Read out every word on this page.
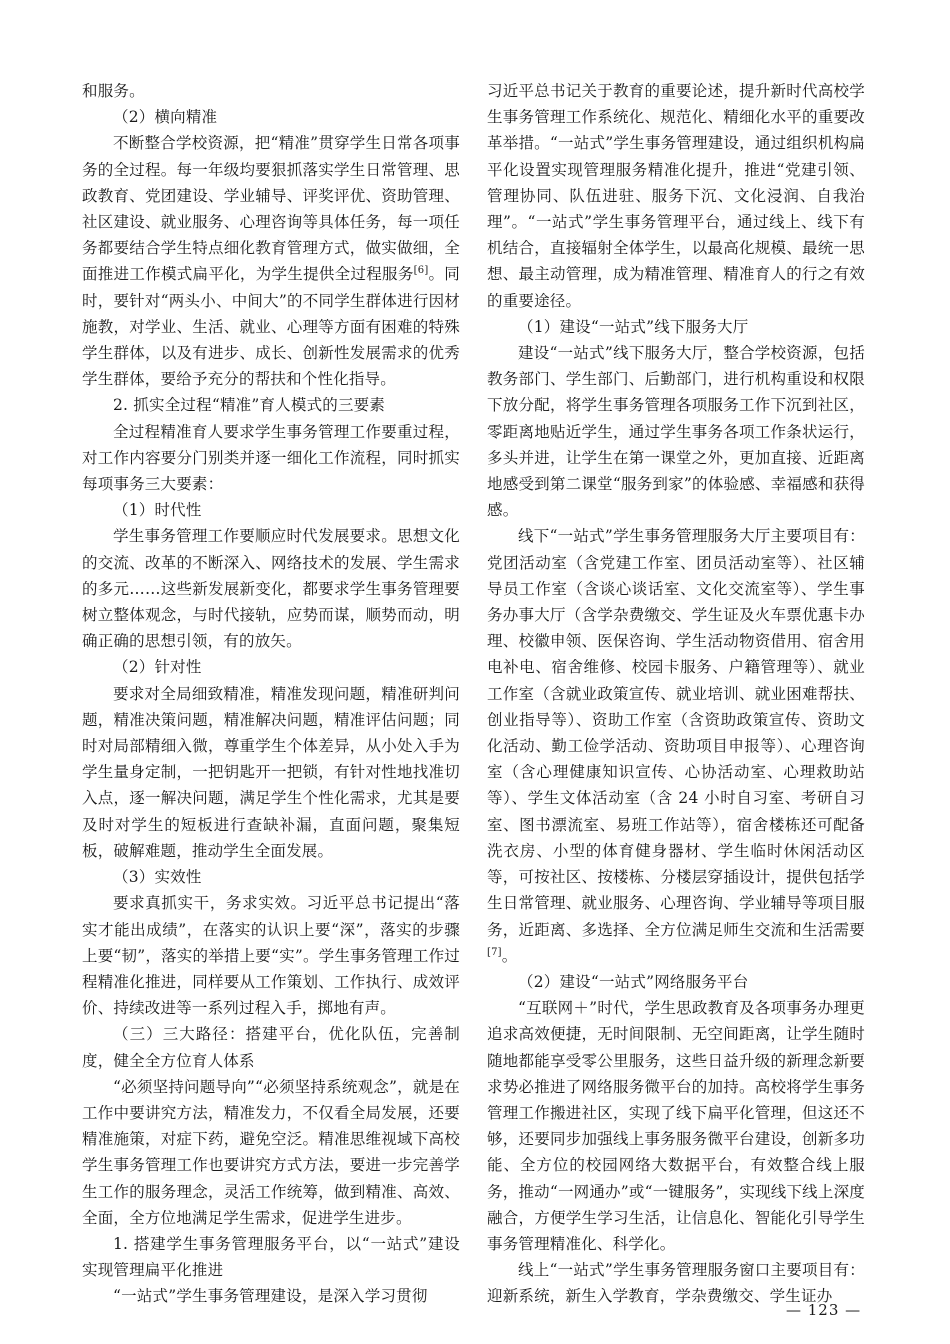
和服务。

（2）横向精准

不断整合学校资源，把“精准”贯穿学生日常各项事务的全过程。每一年级均要狠抓落实学生日常管理、思政教育、党团建设、学业辅导、评奖评优、资助管理、社区建设、就业服务、心理咨询等具体任务，每一项任务都要结合学生特点细化教育管理方式，做实做细，全面推进工作模式扁平化，为学生提供全过程服务[6]。同时，要针对“两头小、中间大”的不同学生群体进行因材施教，对学业、生活、就业、心理等方面有困难的特殊学生群体，以及有进步、成长、创新性发展需求的优秀学生群体，要给予充分的帮扶和个性化指导。

2. 抓实全过程“精准”育人模式的三要素

全过程精准育人要求学生事务管理工作要重过程，对工作内容要分门别类并逐一细化工作流程，同时抓实每项事务三大要素：

（1）时代性

学生事务管理工作要顺应时代发展要求。思想文化的交流、改革的不断深入、网络技术的发展、学生需求的多元……这些新发展新变化，都要求学生事务管理要树立整体观念，与时代接轨，应势而谋，顺势而动，明确正确的思想引领，有的放矢。

（2）针对性

要求对全局细致精准，精准发现问题，精准研判问题，精准决策问题，精准解决问题，精准评估问题；同时对局部精细入微，尊重学生个体差异，从小处入手为学生量身定制，一把钥匙开一把锁，有针对性地找准切入点，逐一解决问题，满足学生个性化需求，尤其是要及时对学生的短板进行查缺补漏，直面问题，聚集短板，破解难题，推动学生全面发展。

（3）实效性

要求真抓实干，务求实效。习近平总书记提出“落实才能出成绩”，在落实的认识上要“深”，落实的步骤上要“韧”，落实的举措上要“实”。学生事务管理工作过程精准化推进，同样要从工作策划、工作执行、成效评价、持续改进等一系列过程入手，掷地有声。

（三）三大路径：搭建平台，优化队伍，完善制度，健全全方位育人体系

“必须坚持问题导向”“必须坚持系统观念”，就是在工作中要讲究方法，精准发力，不仅看全局发展，还要精准施策，对症下药，避免空泛。精准思维视域下高校学生事务管理工作也要讲究方式方法，要进一步完善学生工作的服务理念，灵活工作统筹，做到精准、高效、全面，全方位地满足学生需求，促进学生进步。

1. 搭建学生事务管理服务平台，以“一站式”建设实现管理扁平化推进

“一站式”学生事务管理建设，是深入学习贯彻

习近平总书记关于教育的重要论述，提升新时代高校学生事务管理工作系统化、规范化、精细化水平的重要改革举措。“一站式”学生事务管理建设，通过组织机构扁平化设置实现管理服务精准化提升，推进“党建引领、管理协同、队伍进驻、服务下沉、文化浸润、自我治理”。“一站式”学生事务管理平台，通过线上、线下有机结合，直接辐射全体学生，以最高化规模、最统一思想、最主动管理，成为精准管理、精准育人的行之有效的重要途径。

（1）建设“一站式”线下服务大厅

建设“一站式”线下服务大厅，整合学校资源，包括教务部门、学生部门、后勤部门，进行机构重设和权限下放分配，将学生事务管理各项服务工作下沉到社区，零距离地贴近学生，通过学生事务各项工作条状运行，多头并进，让学生在第一课堂之外，更加直接、近距离地感受到第二课堂“服务到家”的体验感、幸福感和获得感。

线下“一站式”学生事务管理服务大厅主要项目有：党团活动室（含党建工作室、团员活动室等）、社区辅导员工作室（含谈心谈话室、文化交流室等）、学生事务办事大厅（含学杂费缴交、学生证及火车票优惠卡办理、校徽申领、医保咨询、学生活动物资借用、宿舍用电补电、宿舍维修、校园卡服务、户籍管理等）、就业工作室（含就业政策宣传、就业培训、就业困难帮扶、创业指导等）、资助工作室（含资助政策宣传、资助文化活动、勤工俭学活动、资助项目申报等）、心理咨询室（含心理健康知识宣传、心协活动室、心理救助站等）、学生文体活动室（含 24 小时自习室、考研自习室、图书漂流室、易班工作站等），宿舍楼栋还可配备洗衣房、小型的体育健身器材、学生临时休闲活动区等，可按社区、按楼栋、分楼层穿插设计，提供包括学生日常管理、就业服务、心理咨询、学业辅导等项目服务，近距离、多选择、全方位满足师生交流和生活需要[7]。

（2）建设“一站式”网络服务平台

“互联网＋”时代，学生思政教育及各项事务办理更追求高效便捷，无时间限制、无空间距离，让学生随时随地都能享受零公里服务，这些日益升级的新理念新要求势必推进了网络服务微平台的加持。高校将学生事务管理工作搬进社区，实现了线下扁平化管理，但这还不够，还要同步加强线上事务服务微平台建设，创新多功能、全方位的校园网络大数据平台，有效整合线上服务，推动“一网通办”或“一键服务”，实现线下线上深度融合，方便学生学习生活，让信息化、智能化引导学生事务管理精准化、科学化。

线上“一站式”学生事务管理服务窗口主要项目有：迎新系统，新生入学教育，学杂费缴交、学生证办

— 123 —
